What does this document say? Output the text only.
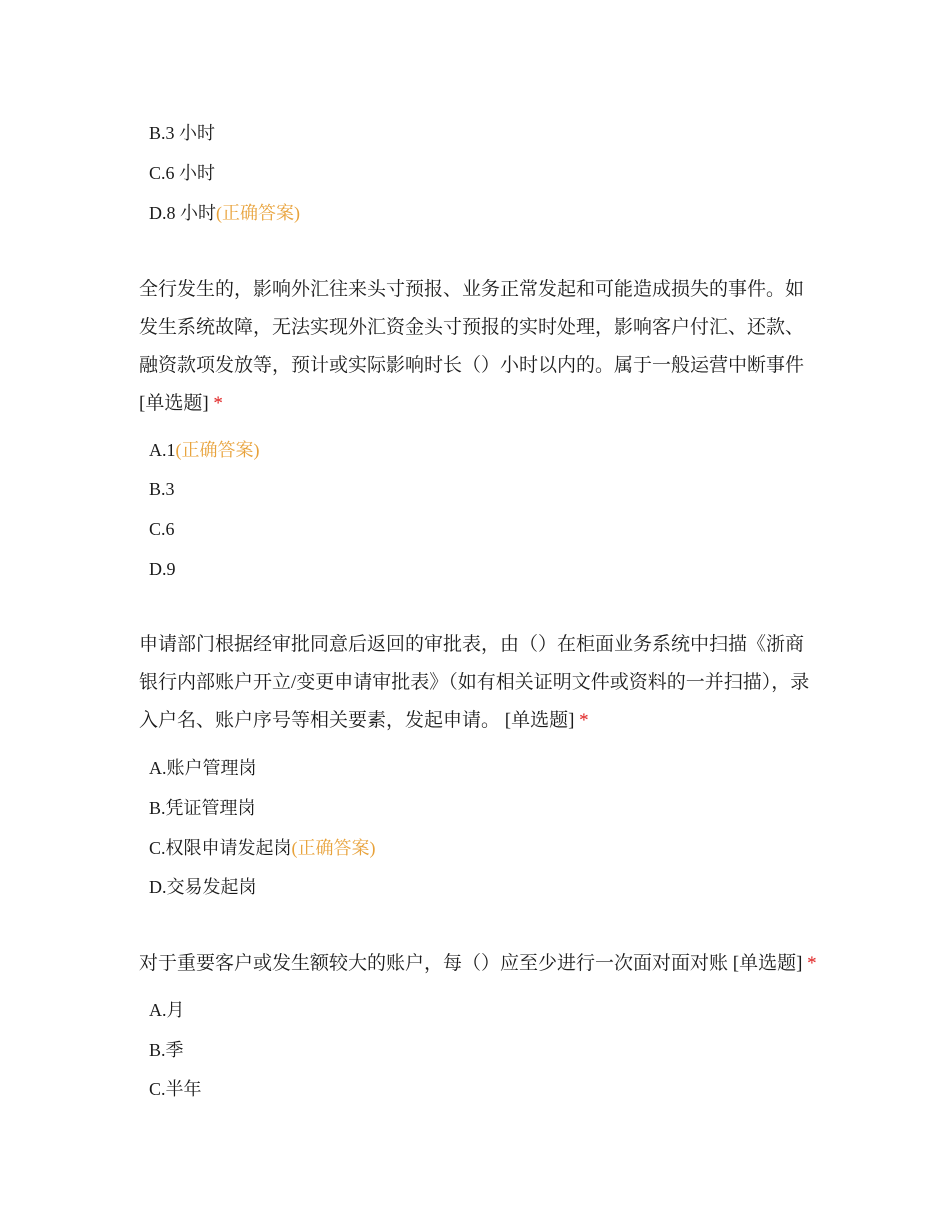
B.3 小时
C.6 小时
D.8 小时(正确答案)
全行发生的，影响外汇往来头寸预报、业务正常发起和可能造成损失的事件。如发生系统故障，无法实现外汇资金头寸预报的实时处理，影响客户付汇、还款、融资款项发放等，预计或实际影响时长（）小时以内的。属于一般运营中断事件 [单选题] *
A.1(正确答案)
B.3
C.6
D.9
申请部门根据经审批同意后返回的审批表，由（）在柜面业务系统中扫描《浙商银行内部账户开立/变更申请审批表》（如有相关证明文件或资料的一并扫描），录入户名、账户序号等相关要素，发起申请。 [单选题] *
A.账户管理岗
B.凭证管理岗
C.权限申请发起岗(正确答案)
D.交易发起岗
对于重要客户或发生额较大的账户，每（）应至少进行一次面对面对账 [单选题] *
A.月
B.季
C.半年
